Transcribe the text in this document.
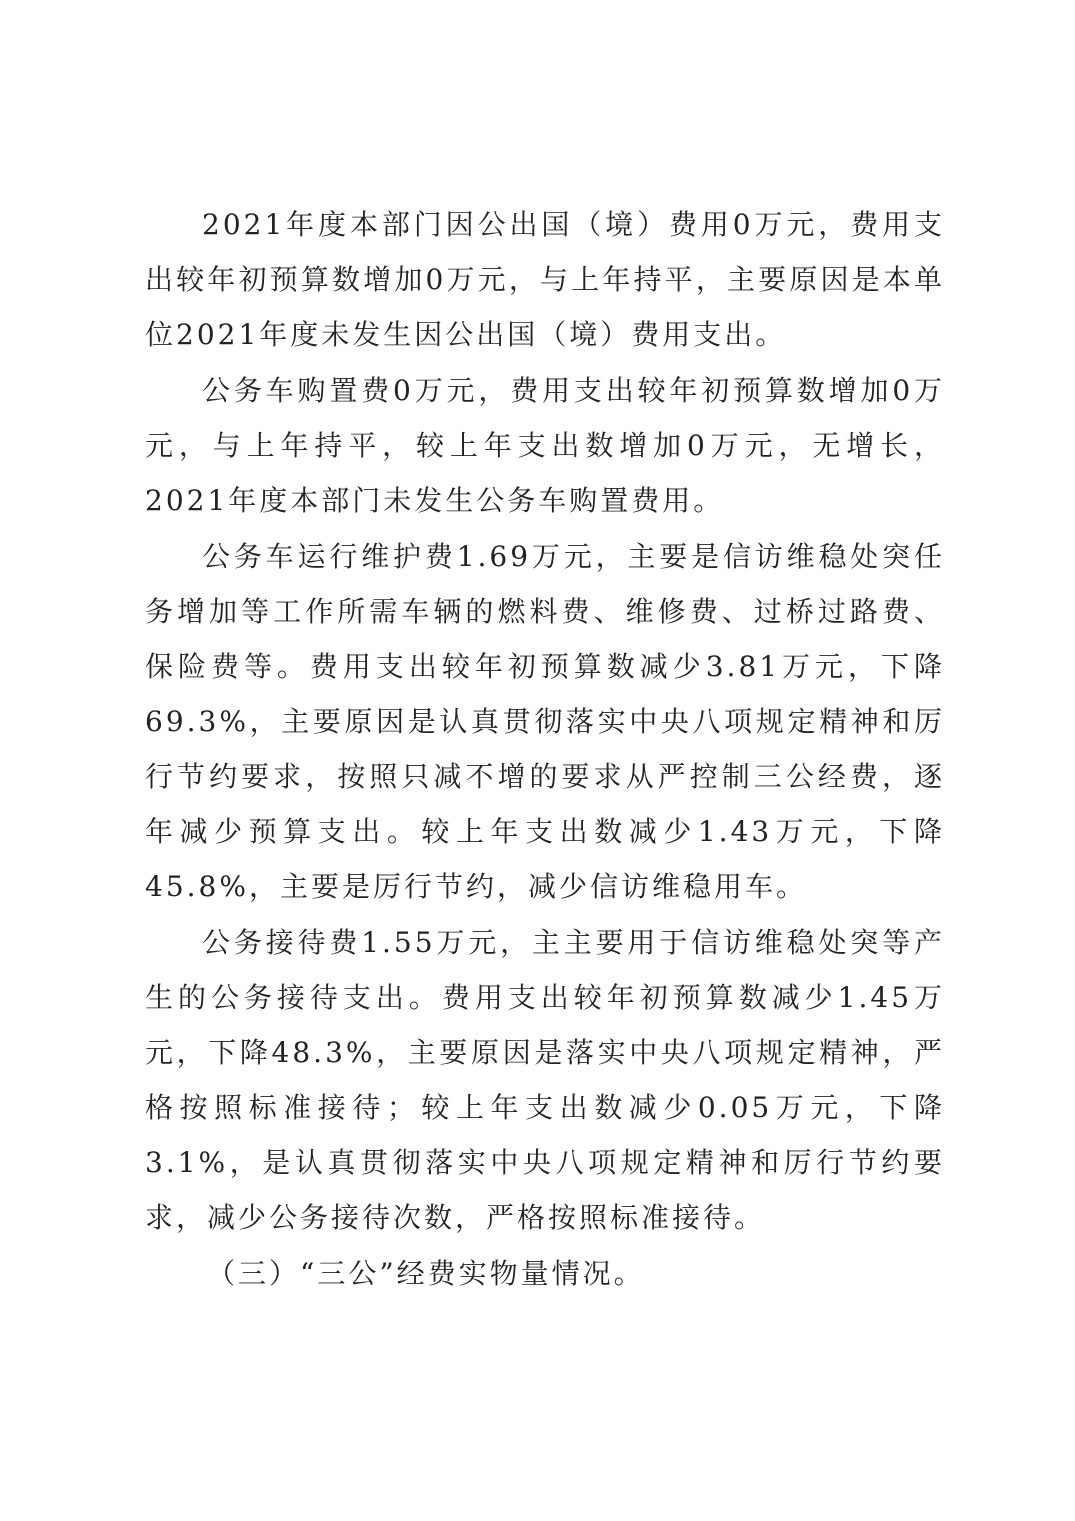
2021年度本部门因公出国（境）费用0万元，费用支出较年初预算数增加0万元，与上年持平，主要原因是本单位2021年度未发生因公出国（境）费用支出。

公务车购置费0万元，费用支出较年初预算数增加0万元，与上年持平，较上年支出数增加0万元，无增长，2021年度本部门未发生公务车购置费用。

公务车运行维护费1.69万元，主要是信访维稳处突任务增加等工作所需车辆的燃料费、维修费、过桥过路费、保险费等。费用支出较年初预算数减少3.81万元，下降69.3%，主要原因是认真贯彻落实中央八项规定精神和厉行节约要求，按照只减不增的要求从严控制三公经费，逐年减少预算支出。较上年支出数减少1.43万元，下降45.8%，主要是厉行节约，减少信访维稳用车。

公务接待费1.55万元，主主要用于信访维稳处突等产生的公务接待支出。费用支出较年初预算数减少1.45万元，下降48.3%，主要原因是落实中央八项规定精神，严格按照标准接待；较上年支出数减少0.05万元，下降3.1%，是认真贯彻落实中央八项规定精神和厉行节约要求，减少公务接待次数，严格按照标准接待。

（三）“三公”经费实物量情况。
